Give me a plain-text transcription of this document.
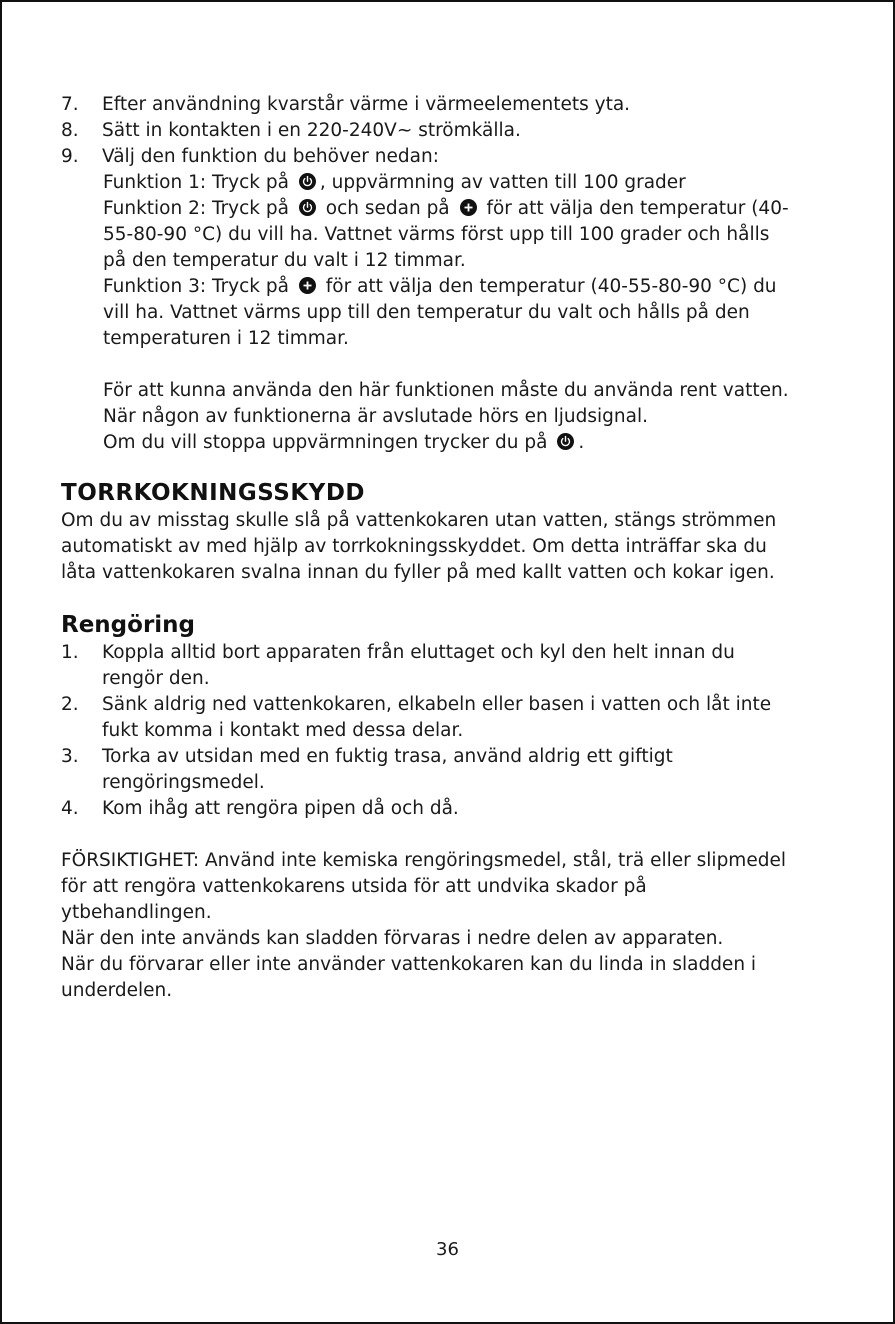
7.	Efter användning kvarstår värme i värmeelementets yta.
8.	Sätt in kontakten i en 220-240V~ strömkälla.
9.	Välj den funktion du behöver nedan:
Funktion 1: Tryck på , uppvärmning av vatten till 100 grader
Funktion 2: Tryck på och sedan på för att välja den temperatur (40-55-80-90 °C) du vill ha. Vattnet värms först upp till 100 grader och hålls på den temperatur du valt i 12 timmar.
Funktion 3: Tryck på för att välja den temperatur (40-55-80-90 °C) du vill ha. Vattnet värms upp till den temperatur du valt och hålls på den temperaturen i 12 timmar.
För att kunna använda den här funktionen måste du använda rent vatten.
När någon av funktionerna är avslutade hörs en ljudsignal.
Om du vill stoppa uppvärmningen trycker du på .
TORRKOKNINGSSKYDD
Om du av misstag skulle slå på vattenkokaren utan vatten, stängs strömmen automatiskt av med hjälp av torrkokningsskyddet. Om detta inträffar ska du låta vattenkokaren svalna innan du fyller på med kallt vatten och kokar igen.
Rengöring
1.	Koppla alltid bort apparaten från eluttaget och kyl den helt innan du rengör den.
2.	Sänk aldrig ned vattenkokaren, elkabeln eller basen i vatten och låt inte fukt komma i kontakt med dessa delar.
3.	Torka av utsidan med en fuktig trasa, använd aldrig ett giftigt rengöringsmedel.
4.	Kom ihåg att rengöra pipen då och då.
FÖRSIKTIGHET: Använd inte kemiska rengöringsmedel, stål, trä eller slipmedel för att rengöra vattenkokarens utsida för att undvika skador på ytbehandlingen.
När den inte används kan sladden förvaras i nedre delen av apparaten.
När du förvarar eller inte använder vattenkokaren kan du linda in sladden i underdelen.
36
